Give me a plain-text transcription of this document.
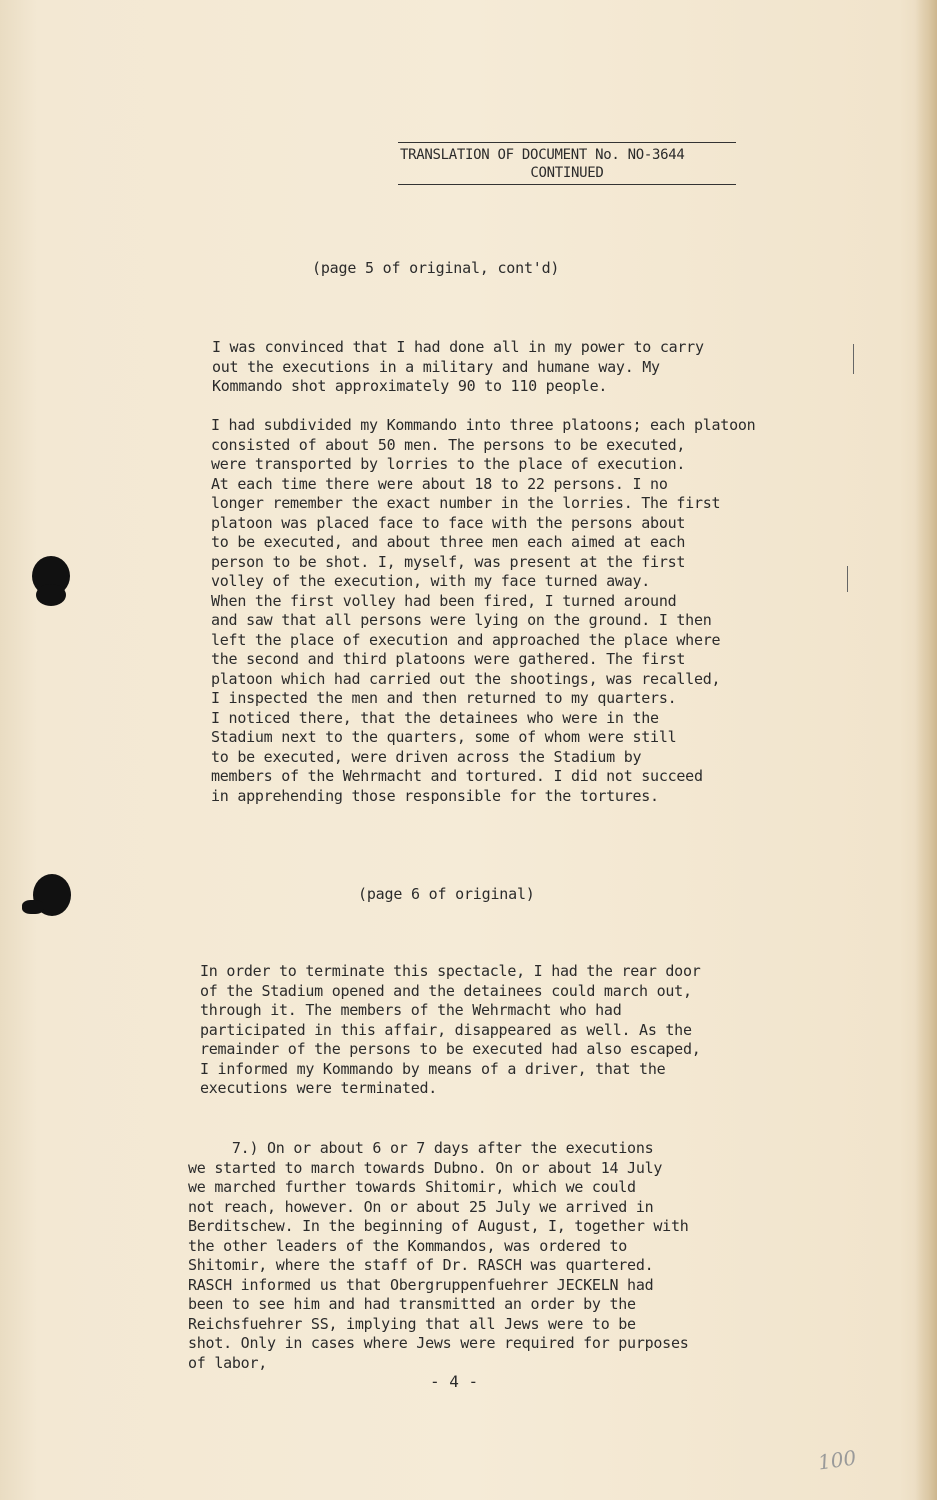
TRANSLATION OF DOCUMENT No. NO-3644
CONTINUED
(page 5 of original, cont'd)
I was convinced that I had done all in my power to carry
out the executions in a military and humane way. My
Kommando shot approximately 90 to 110 people.
I had subdivided my Kommando into three platoons; each platoon
consisted of about 50 men. The persons to be executed,
were transported by lorries to the place of execution.
At each time there were about 18 to 22 persons. I no
longer remember the exact number in the lorries. The first
platoon was placed face to face with the persons about
to be executed, and about three men each aimed at each
person to be shot. I, myself, was present at the first
volley of the execution, with my face turned away.
When the first volley had been fired, I turned around
and saw that all persons were lying on the ground. I then
left the place of execution and approached the place where
the second and third platoons were gathered. The first
platoon which had carried out the shootings, was recalled,
I inspected the men and then returned to my quarters.
I noticed there, that the detainees who were in the
Stadium next to the quarters, some of whom were still
to be executed, were driven across the Stadium by
members of the Wehrmacht and tortured. I did not succeed
in apprehending those responsible for the tortures.
(page 6 of original)
In order to terminate this spectacle, I had the rear door
of the Stadium opened and the detainees could march out,
through it. The members of the Wehrmacht who had
participated in this affair, disappeared as well. As the
remainder of the persons to be executed had also escaped,
I informed my Kommando by means of a driver, that the
executions were terminated.
7.) On or about 6 or 7 days after the executions
we started to march towards Dubno. On or about 14 July
we marched further towards Shitomir, which we could
not reach, however. On or about 25 July we arrived in
Berditschew. In the beginning of August, I, together with
the other leaders of the Kommandos, was ordered to
Shitomir, where the staff of Dr. RASCH was quartered.
RASCH informed us that Obergruppenfuehrer JECKELN had
been to see him and had transmitted an order by the
Reichsfuehrer SS, implying that all Jews were to be
shot. Only in cases where Jews were required for purposes
of labor,
- 4 -
100
